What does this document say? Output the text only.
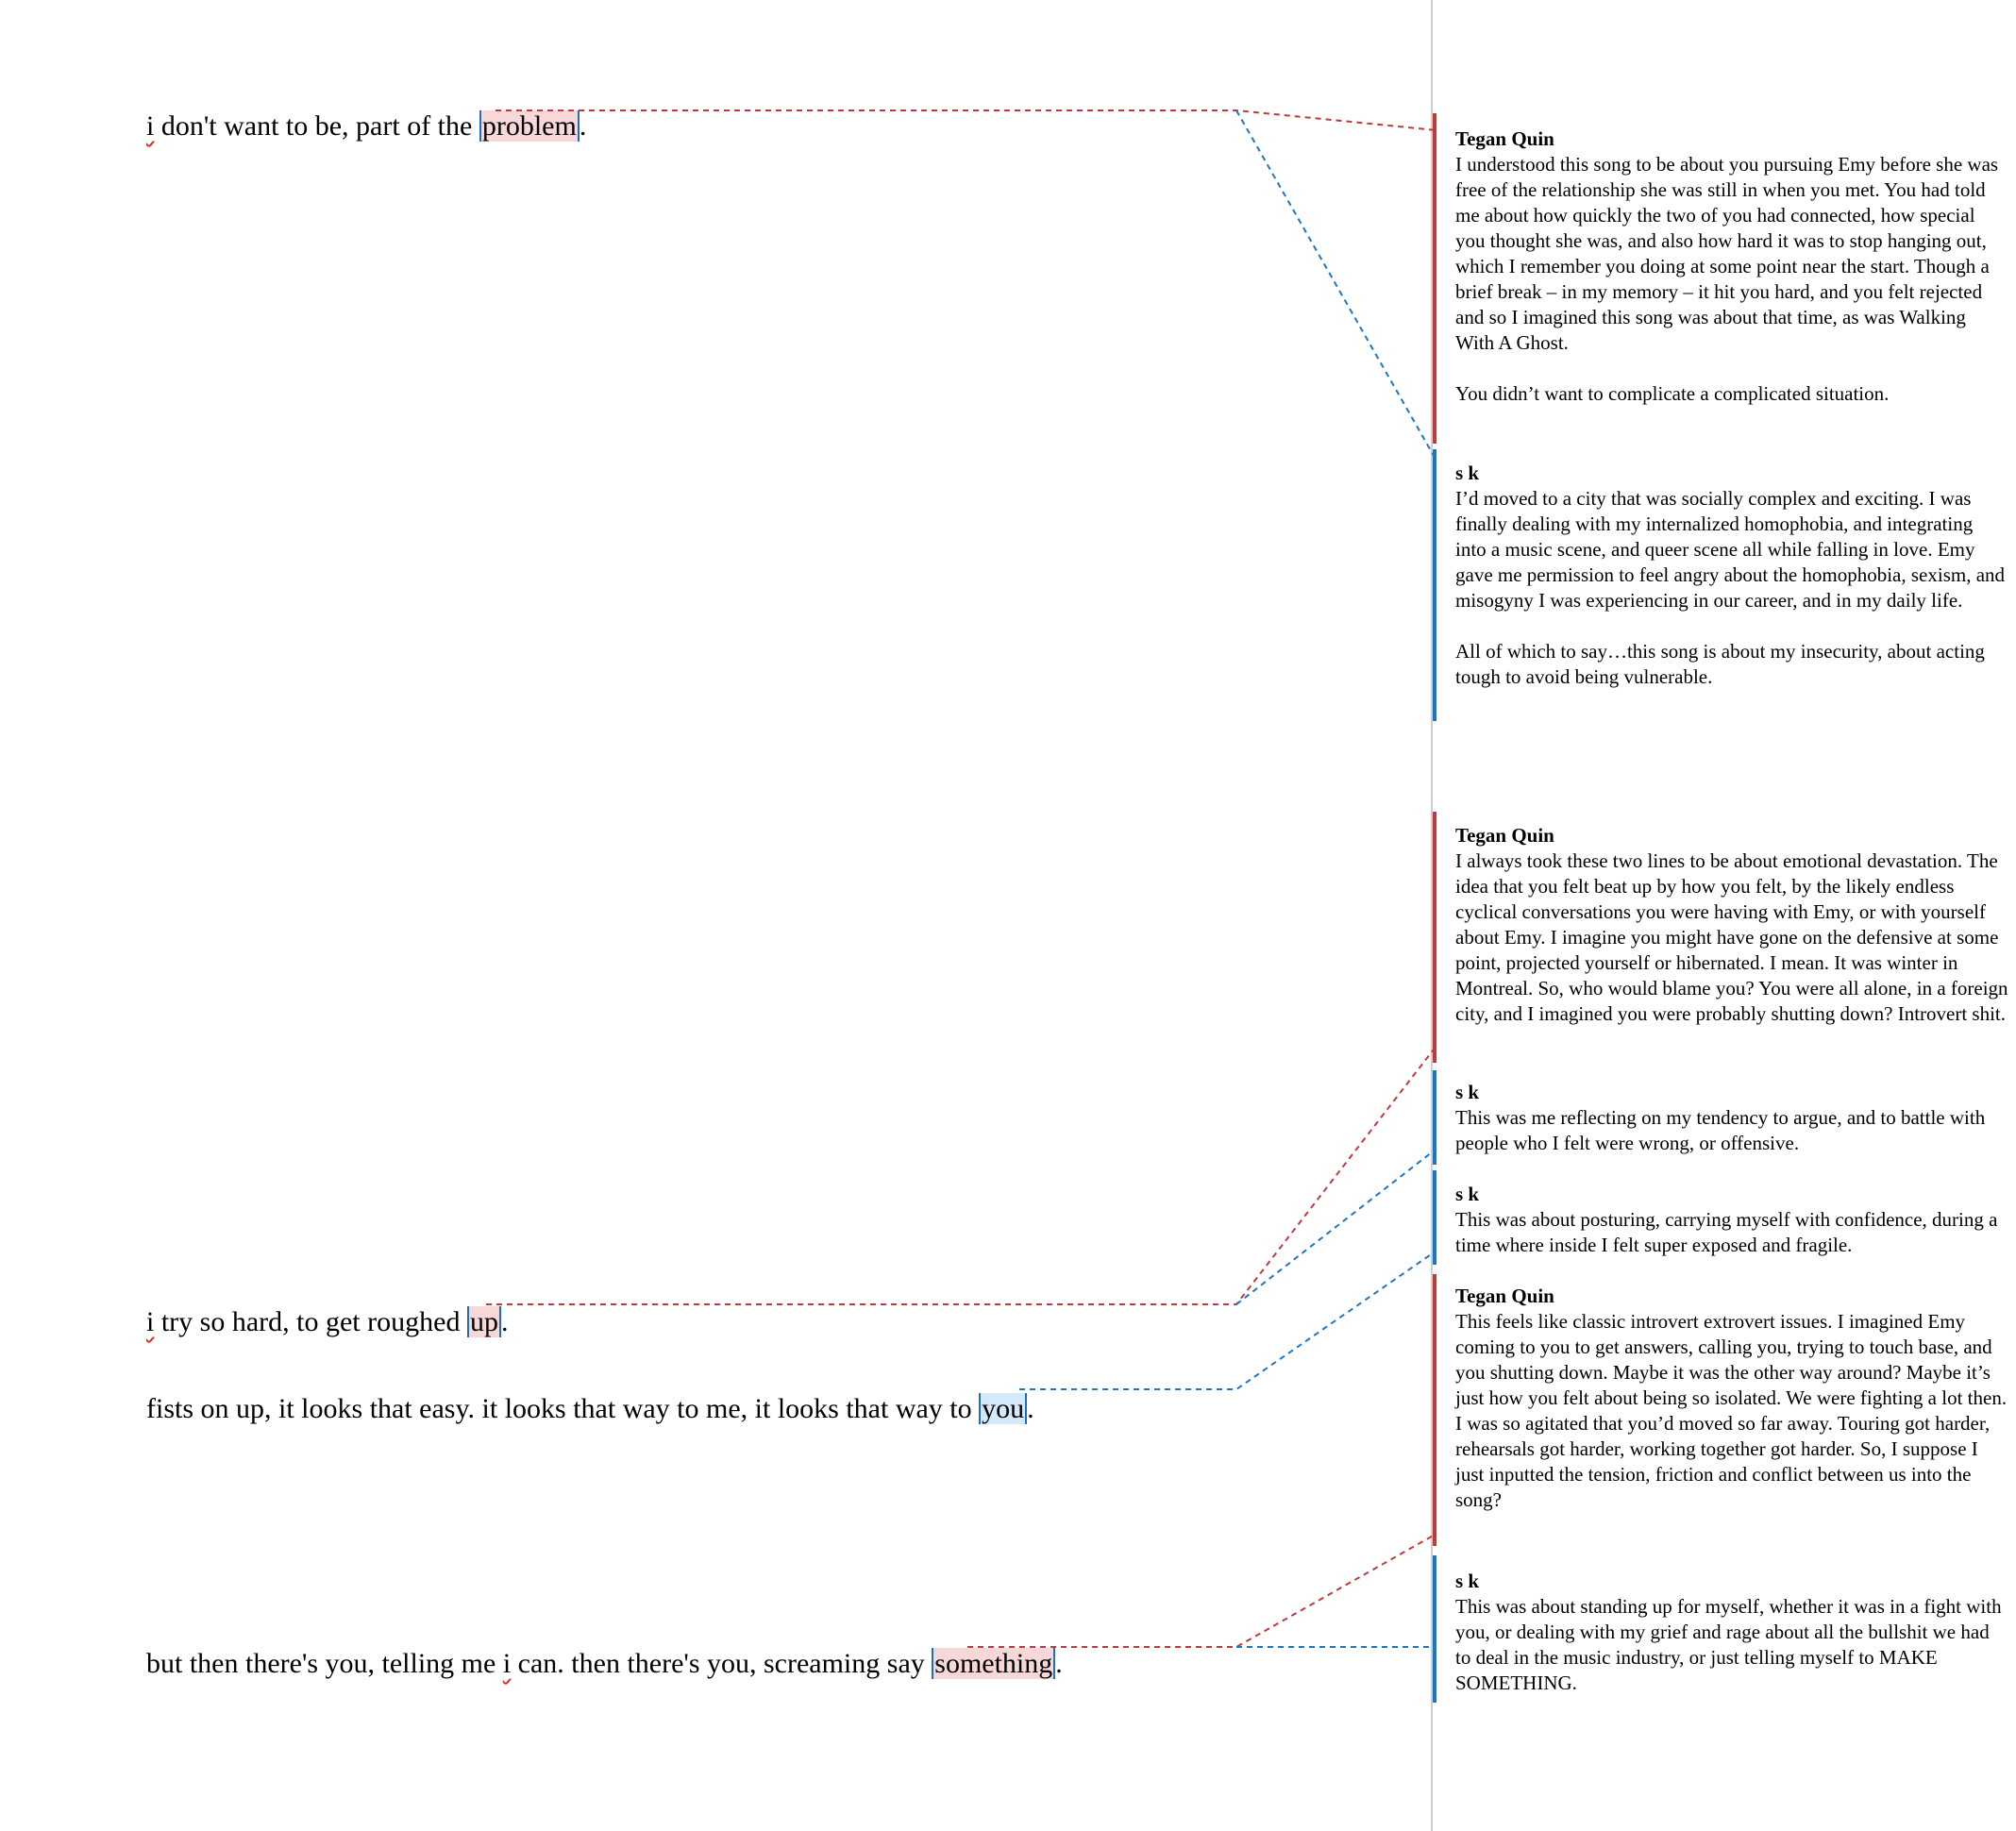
i don't want to be, part of the problem .
i try so hard, to get roughed up .
fists on up, it looks that easy. it looks that way to me, it looks that way to you .
but then there's you, telling me i can. then there's you, screaming say something .
Tegan Quin
I understood this song to be about you pursuing Emy before she was free of the relationship she was still in when you met. You had told me about how quickly the two of you had connected, how special you thought she was, and also how hard it was to stop hanging out, which I remember you doing at some point near the start. Though a brief break – in my memory – it hit you hard, and you felt rejected and so I imagined this song was about that time, as was Walking With A Ghost.

You didn’t want to complicate a complicated situation.
s k
I’d moved to a city that was socially complex and exciting. I was finally dealing with my internalized homophobia, and integrating into a music scene, and queer scene all while falling in love. Emy gave me permission to feel angry about the homophobia, sexism, and misogyny I was experiencing in our career, and in my daily life.

All of which to say…this song is about my insecurity, about acting tough to avoid being vulnerable.
Tegan Quin
I always took these two lines to be about emotional devastation. The idea that you felt beat up by how you felt, by the likely endless cyclical conversations you were having with Emy, or with yourself about Emy. I imagine you might have gone on the defensive at some point, projected yourself or hibernated. I mean. It was winter in Montreal. So, who would blame you? You were all alone, in a foreign city, and I imagined you were probably shutting down? Introvert shit.
s k
This was me reflecting on my tendency to argue, and to battle with people who I felt were wrong, or offensive.
s k
This was about posturing, carrying myself with confidence, during a time where inside I felt super exposed and fragile.
Tegan Quin
This feels like classic introvert extrovert issues. I imagined Emy coming to you to get answers, calling you, trying to touch base, and you shutting down. Maybe it was the other way around? Maybe it’s just how you felt about being so isolated. We were fighting a lot then. I was so agitated that you’d moved so far away. Touring got harder, rehearsals got harder, working together got harder. So, I suppose I just inputted the tension, friction and conflict between us into the song?
s k
This was about standing up for myself, whether it was in a fight with you, or dealing with my grief and rage about all the bullshit we had to deal in the music industry, or just telling myself to MAKE SOMETHING.
